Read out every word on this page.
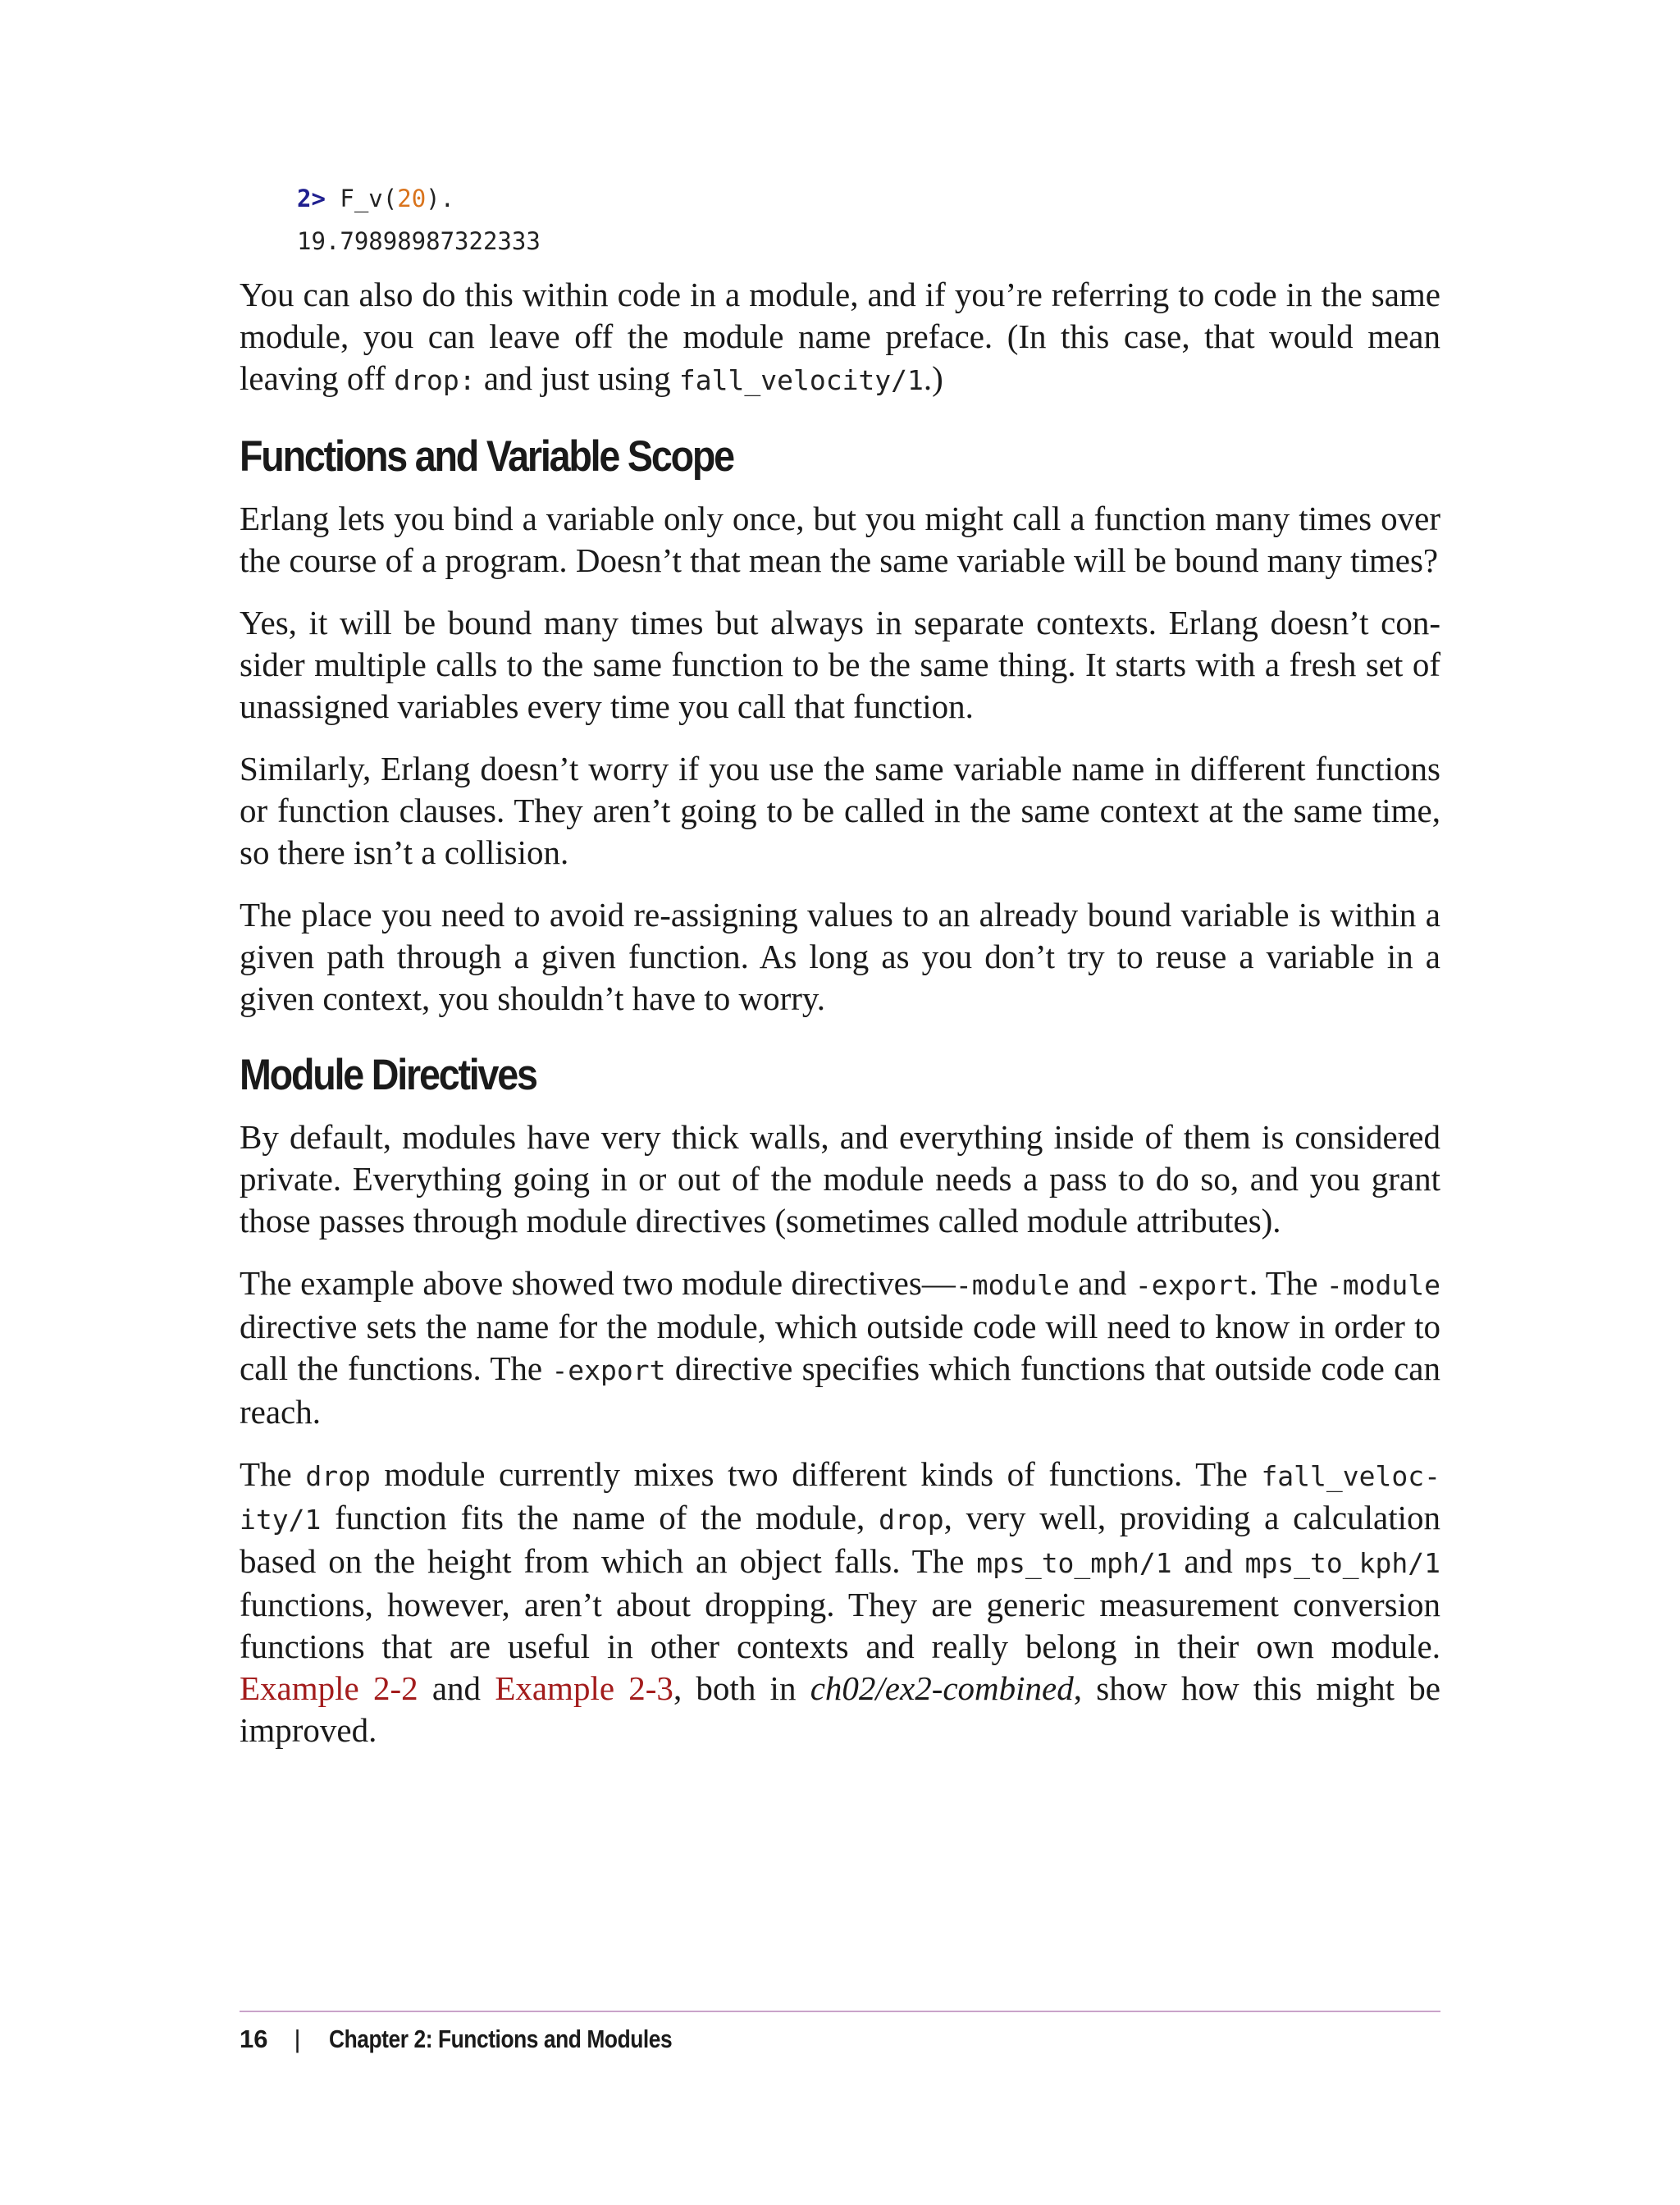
2> F_v(20).
19.79898987322333

You can also do this within code in a module, and if you’re referring to code in the same module, you can leave off the module name preface. (In this case, that would mean leaving off drop: and just using fall_velocity/1.)

Functions and Variable Scope

Erlang lets you bind a variable only once, but you might call a function many times over the course of a program. Doesn’t that mean the same variable will be bound many times?

Yes, it will be bound many times but always in separate contexts. Erlang doesn’t consider multiple calls to the same function to be the same thing. It starts with a fresh set of unassigned variables every time you call that function.

Similarly, Erlang doesn’t worry if you use the same variable name in different functions or function clauses. They aren’t going to be called in the same context at the same time, so there isn’t a collision.

The place you need to avoid re-assigning values to an already bound variable is within a given path through a given function. As long as you don’t try to reuse a variable in a given context, you shouldn’t have to worry.

Module Directives

By default, modules have very thick walls, and everything inside of them is considered private. Everything going in or out of the module needs a pass to do so, and you grant those passes through module directives (sometimes called module attributes).

The example above showed two module directives—-module and -export. The -module directive sets the name for the module, which outside code will need to know in order to call the functions. The -export directive specifies which functions that outside code can reach.

The drop module currently mixes two different kinds of functions. The fall_velocity/1 function fits the name of the module, drop, very well, providing a calculation based on the height from which an object falls. The mps_to_mph/1 and mps_to_kph/1 functions, however, aren’t about dropping. They are generic measurement conversion functions that are useful in other contexts and really belong in their own module. Example 2-2 and Example 2-3, both in ch02/ex2-combined, show how this might be improved.

16 | Chapter 2: Functions and Modules
